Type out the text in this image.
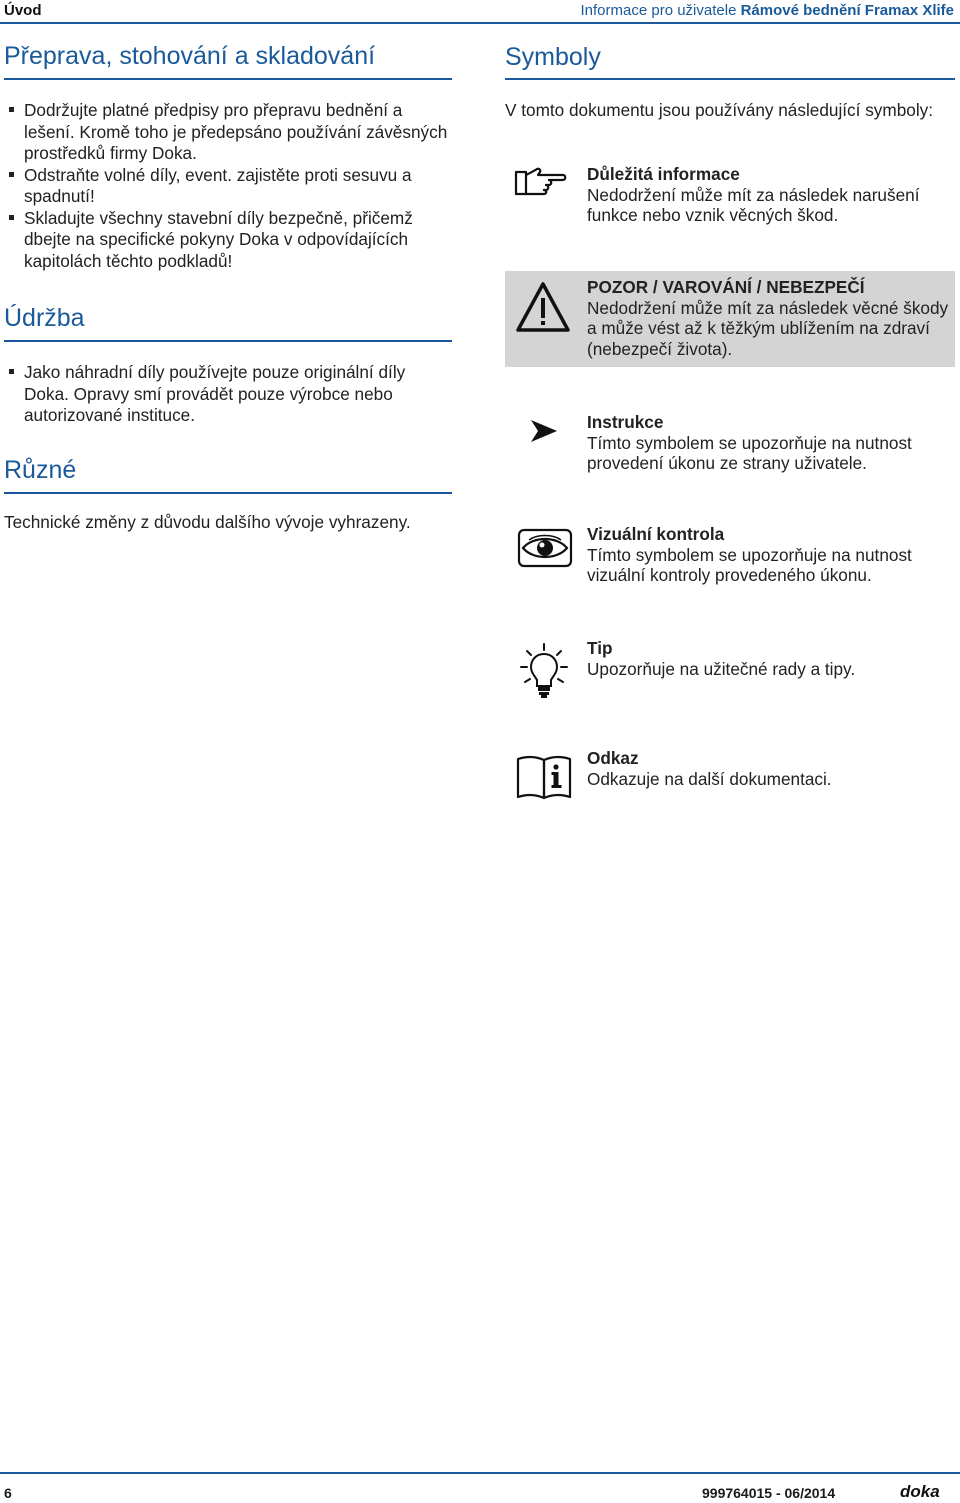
Úvod	Informace pro uživatele Rámové bednění Framax Xlife
Přeprava, stohování a skladování
Dodržujte platné předpisy pro přepravu bednění a lešení. Kromě toho je předepsáno používání závěsných prostředků firmy Doka.
Odstraňte volné díly, event. zajistěte proti sesuvu a spadnutí!
Skladujte všechny stavební díly bezpečně, přičemž dbejte na specifické pokyny Doka v odpovídajících kapitolách těchto podkladů!
Údržba
Jako náhradní díly používejte pouze originální díly Doka. Opravy smí provádět pouze výrobce nebo autorizované instituce.
Různé

Technické změny z důvodu dalšího vývoje vyhrazeny.

Symboly

V tomto dokumentu jsou používány následující symboly:

Důležitá informace
Nedodržení může mít za následek narušení funkce nebo vznik věcných škod.
POZOR / VAROVÁNÍ / NEBEZPEČÍ
Nedodržení může mít za následek věcné škody a může vést až k těžkým ublížením na zdraví (nebezpečí života).
Instrukce
Tímto symbolem se upozorňuje na nutnost provedení úkonu ze strany uživatele.
Vizuální kontrola
Tímto symbolem se upozorňuje na nutnost vizuální kontroly provedeného úkonu.
Tip
Upozorňuje na užitečné rady a tipy.
Odkaz
Odkazuje na další dokumentaci.
6	999764015 - 06/2014	doka
